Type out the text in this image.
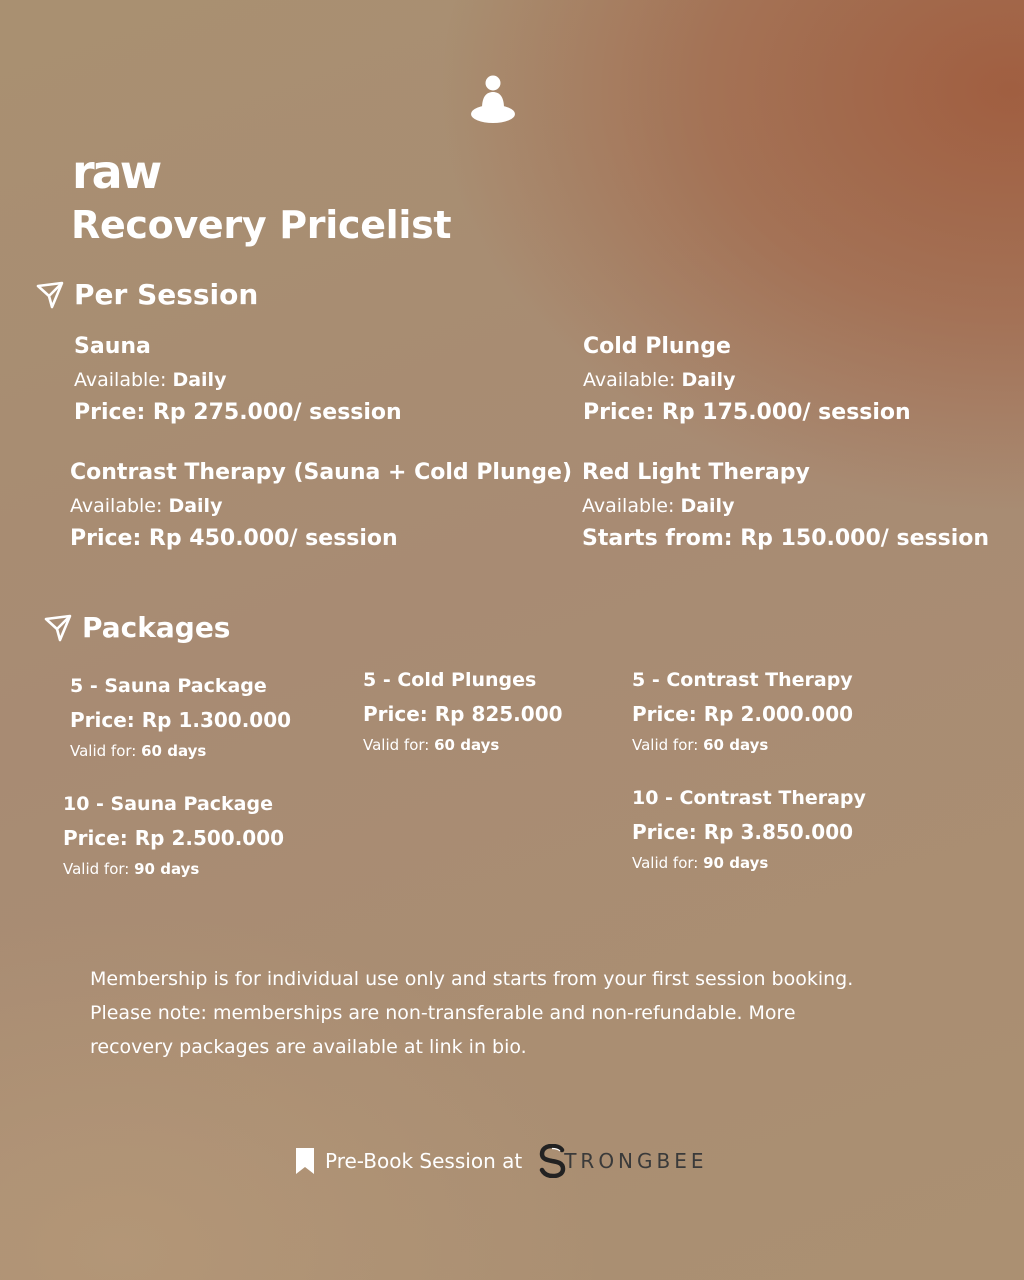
raw
Recovery Pricelist
Per Session
Sauna
Available: Daily
Price: Rp 275.000/ session
Cold Plunge
Available: Daily
Price: Rp 175.000/ session
Contrast Therapy (Sauna + Cold Plunge)
Available: Daily
Price: Rp 450.000/ session
Red Light Therapy
Available: Daily
Starts from: Rp 150.000/ session
Packages
5 - Sauna Package
Price: Rp 1.300.000
Valid for: 60 days
5 - Cold Plunges
Price: Rp 825.000
Valid for: 60 days
5 - Contrast Therapy
Price: Rp 2.000.000
Valid for: 60 days
10 - Sauna Package
Price: Rp 2.500.000
Valid for: 90 days
10 - Contrast Therapy
Price: Rp 3.850.000
Valid for: 90 days
Membership is for individual use only and starts from your first session booking.
Please note: memberships are non-transferable and non-refundable. More
recovery packages are available at link in bio.
Pre-Book Session at TRONGBEE
